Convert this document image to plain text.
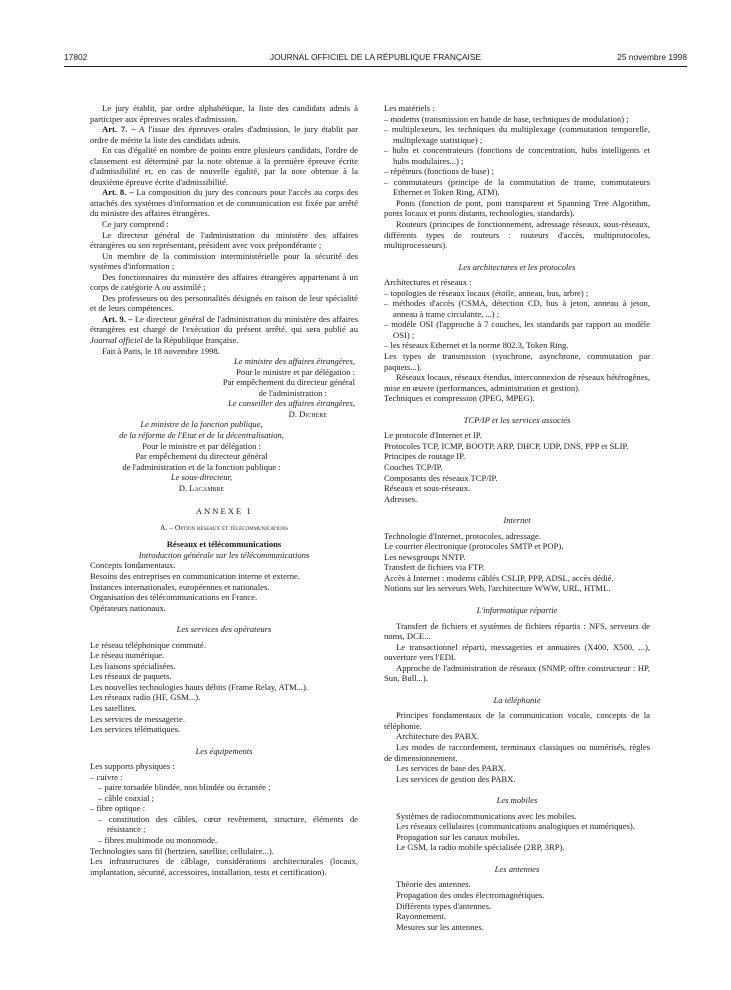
17802	JOURNAL OFFICIEL DE LA RÉPUBLIQUE FRANÇAISE	25 novembre 1998

Le jury établit, par ordre alphabétique, la liste des candidats admis à participer aux épreuves orales d'admission.

Art. 7. – A l'issue des épreuves orales d'admission, le jury établit par ordre de mérite la liste des candidats admis.

En cas d'égalité en nombre de points entre plusieurs candidats, l'ordre de classement est déterminé par la note obtenue à la première épreuve écrite d'admissibilité et, en cas de nouvelle égalité, par la note obtenue à la deuxième épreuve écrite d'admissibilité.

Art. 8. – La composition du jury des concours pour l'accès au corps des attachés des systèmes d'information et de communication est fixée par arrêté du ministre des affaires étrangères.

Ce jury comprend :

Le directeur général de l'administration du ministère des affaires étrangères ou son représentant, président avec voix prépondérante ;

Un membre de la commission interministérielle pour la sécurité des systèmes d'information ;

Des fonctionnaires du ministère des affaires étrangères appartenant à un corps de catégorie A ou assimilé ;

Des professeurs ou des personnalités désignés en raison de leur spécialité et de leurs compétences.

Art. 9. – Le directeur général de l'administration du ministère des affaires étrangères est chargé de l'exécution du présent arrêté, qui sera publié au Journal officiel de la République française.

Fait à Paris, le 18 novembre 1998.

Le ministre des affaires étrangères,

Pour le ministre et par délégation :

Par empêchement du directeur général

de l'administration :

Le conseiller des affaires étrangères,

D. Dichere

Le ministre de la fonction publique,

de la réforme de l'Etat et de la décentralisation,

Pour le ministre et par délégation :

Par empêchement du directeur général

de l'administration et de la fonction publique :

Le sous-directeur,

D. Lacambre

ANNEXE I

A. – Option réseaux et télécommunications

Réseaux et télécommunications

Introduction générale sur les télécommunications

Concepts fondamentaux.

Besoins des entreprises en communication interne et externe.

Instances internationales, européennes et nationales.

Organisation des télécommunications en France.

Opérateurs nationaux.

Les services des opérateurs

Le réseau téléphonique commuté.

Le réseau numérique.

Les liaisons spécialisées.

Les réseaux de paquets.

Les nouvelles technologies hauts débits (Frame Relay, ATM...).

Les réseaux radio (HF, GSM...).

Les satellites.

Les services de messagerie.

Les services télématiques.

Les équipements

Les supports physiques :

– cuivre :

– paire torsadée blindée, non blindée ou écrantée ;

– câble coaxial ;

– fibre optique :

– constitution des câbles, cœur revêtement, structure, éléments de résistance ;

– fibres multimode ou monomode.

Technologies sans fil (hertzien, satellite, cellulaire...).

Les infrastructures de câblage, considérations architecturales (locaux, implantation, sécurité, accessoires, installation, tests et certification).

Les matériels :

– modems (transmission en bande de base, techniques de modulation) ;

– multiplexeurs, les techniques du multiplexage (commutation temporelle, multiplexage statistique) ;

– hubs et concentrateurs (fonctions de concentration, hubs intelligents et hubs modulaires...) ;

– répéteurs (fonctions de base) ;

– commutateurs (principe de la commutation de trame, commutateurs Ethernet et Token Ring, ATM).

Ponts (fonction de pont, pont transparent et Spanning Tree Algorithm, ponts locaux et ponts distants, technologies, standards).

Routeurs (principes de fonctionnement, adressage réseaux, sous-réseaux, différents types de routeurs : routeurs d'accès, multiprotocoles, multiprocesseurs).

Les architectures et les protocoles

Architectures et réseaux :

– topologies de réseaux locaux (étoile, anneau, bus, arbre) ;

– méthodes d'accès (CSMA, détection CD, bus à jeton, anneau à jeton, anneau à trame circulante, ...) ;

– modèle OSI (l'approche à 7 couches, les standards par rapport au modèle OSI) ;

– les réseaux Ethernet et la norme 802.3, Token Ring.

Les types de transmission (synchrone, asynchrone, commutation par paquets...).

Réseaux locaux, réseaux étendus, interconnexion de réseaux hétérogènes, mise en œuvre (performances, administration et gestion).

Techniques et compression (JPEG, MPEG).

TCP/IP et les services associés

Le protocole d'Internet et IP.

Protocoles TCP, ICMP, BOOTP, ARP, DHCP, UDP, DNS, PPP et SLIP.

Principes de routage IP.

Couches TCP/IP.

Composants des réseaux TCP/IP.

Réseaux et sous-réseaux.

Adresses.

Internet

Technologie d'Internet, protocoles, adressage.

Le courrier électronique (protocoles SMTP et POP).

Les newsgroups NNTP.

Transfert de fichiers via FTP.

Accès à Internet : modems câblés CSLIP, PPP, ADSL, accès dédié.

Notions sur les serveurs Web, l'architecture WWW, URL, HTML.

L'informatique répartie

Transfert de fichiers et systèmes de fichiers répartis : NFS, serveurs de noms, DCE...

Le transactionnel réparti, messageries et annuaires (X400, X500, ...), ouverture vers l'EDI.

Approche de l'administration de réseaux (SNMP, offre constructeur : HP, Sun, Bull...).

La téléphonie

Principes fondamentaux de la communication vocale, concepts de la téléphonie.

Architecture des PABX.

Les modes de raccordement, terminaux classiques ou numérisés, règles de dimensionnement.

Les services de base des PABX.

Les services de gestion des PABX.

Les mobiles

Systèmes de radiocommunications avec les mobiles.

Les réseaux cellulaires (communications analogiques et numériques).

Propagation sur les canaux mobiles.

Le GSM, la radio mobile spécialisée (2RP, 3RP).

Les antennes

Théorie des antennes.

Propagation des ondes électromagnétiques.

Différents types d'antennes.

Rayonnement.

Mesures sur les antennes.
